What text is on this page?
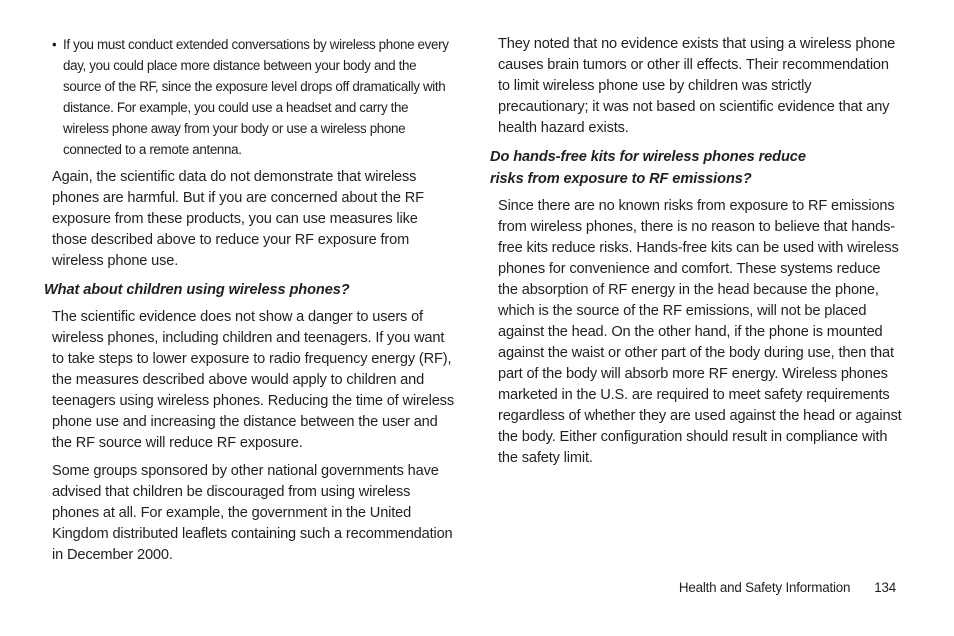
• If you must conduct extended conversations by wireless phone every day, you could place more distance between your body and the source of the RF, since the exposure level drops off dramatically with distance. For example, you could use a headset and carry the wireless phone away from your body or use a wireless phone connected to a remote antenna.

Again, the scientific data do not demonstrate that wireless phones are harmful. But if you are concerned about the RF exposure from these products, you can use measures like those described above to reduce your RF exposure from wireless phone use.

What about children using wireless phones?

The scientific evidence does not show a danger to users of wireless phones, including children and teenagers. If you want to take steps to lower exposure to radio frequency energy (RF), the measures described above would apply to children and teenagers using wireless phones. Reducing the time of wireless phone use and increasing the distance between the user and the RF source will reduce RF exposure.

Some groups sponsored by other national governments have advised that children be discouraged from using wireless phones at all. For example, the government in the United Kingdom distributed leaflets containing such a recommendation in December 2000.

They noted that no evidence exists that using a wireless phone causes brain tumors or other ill effects. Their recommendation to limit wireless phone use by children was strictly precautionary; it was not based on scientific evidence that any health hazard exists.

Do hands-free kits for wireless phones reduce
risks from exposure to RF emissions?

Since there are no known risks from exposure to RF emissions from wireless phones, there is no reason to believe that hands-free kits reduce risks. Hands-free kits can be used with wireless phones for convenience and comfort. These systems reduce the absorption of RF energy in the head because the phone, which is the source of the RF emissions, will not be placed against the head. On the other hand, if the phone is mounted against the waist or other part of the body during use, then that part of the body will absorb more RF energy. Wireless phones marketed in the U.S. are required to meet safety requirements regardless of whether they are used against the head or against the body. Either configuration should result in compliance with the safety limit.

Health and Safety Information 134
